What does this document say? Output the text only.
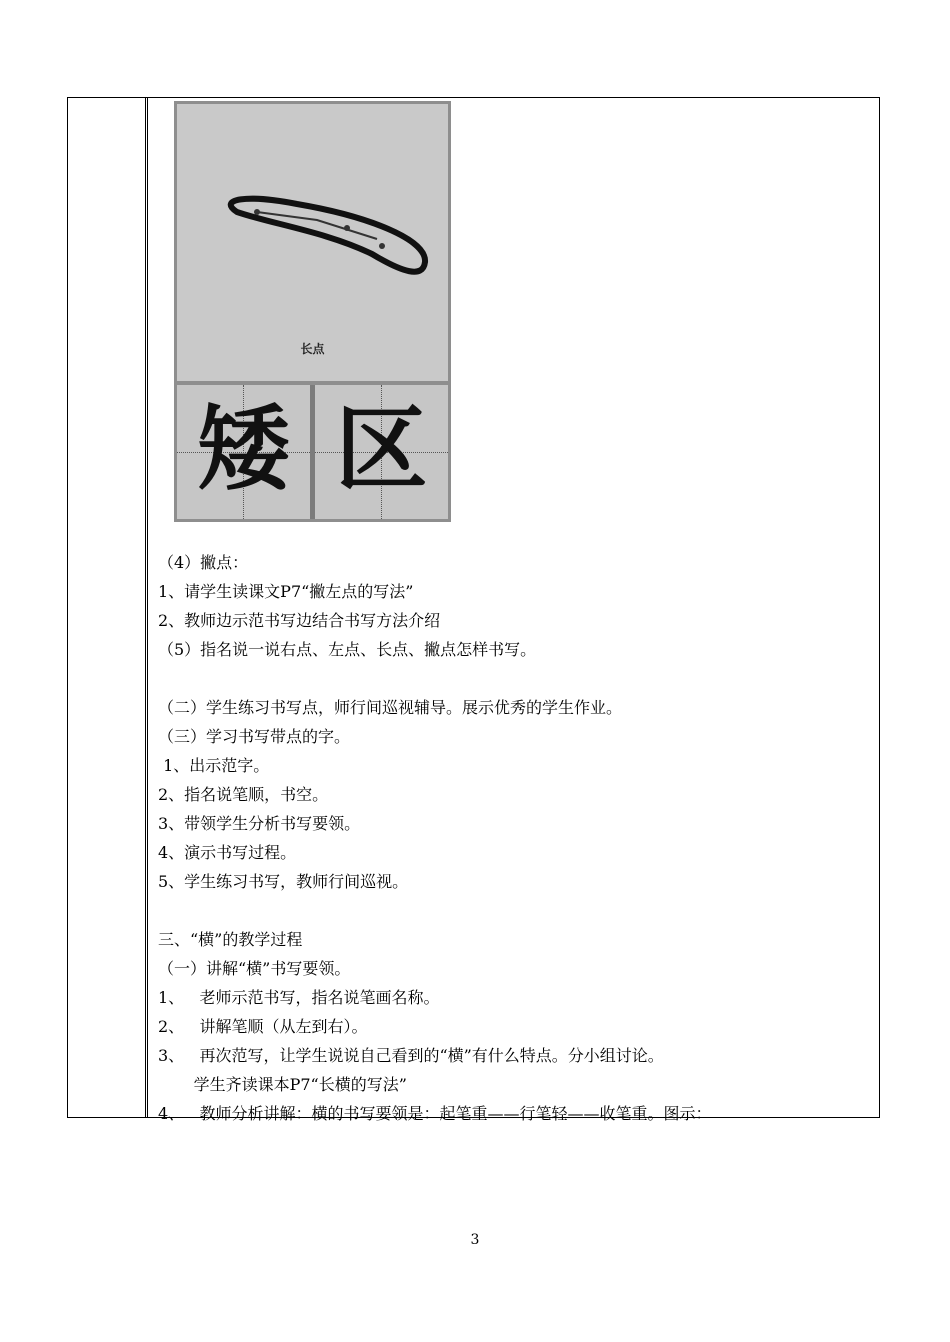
长点
矮 区
（4）撇点：
1、请学生读课文P7“撇左点的写法”
2、教师边示范书写边结合书写方法介绍
（5）指名说一说右点、左点、长点、撇点怎样书写。
（二）学生练习书写点，师行间巡视辅导。展示优秀的学生作业。
（三）学习书写带点的字。
1、出示范字。
2、指名说笔顺，书空。
3、带领学生分析书写要领。
4、演示书写过程。
5、学生练习书写，教师行间巡视。
三、“横”的教学过程
（一）讲解“横”书写要领。
1、   老师示范书写，指名说笔画名称。
2、   讲解笔顺（从左到右）。
3、   再次范写，让学生说说自己看到的“横”有什么特点。分小组讨论。
学生齐读课本P7“长横的写法”
4、   教师分析讲解：横的书写要领是：起笔重——行笔轻——收笔重。图示：
3
